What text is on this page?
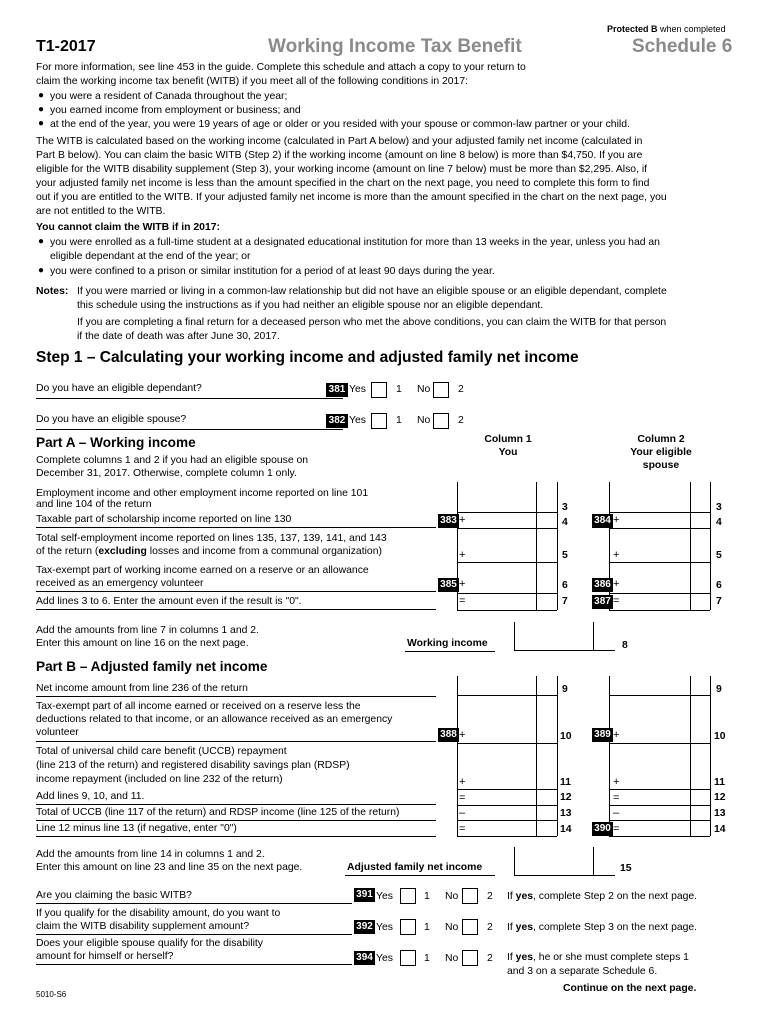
Protected B when completed
T1-2017	Working Income Tax Benefit	Schedule 6
For more information, see line 453 in the guide. Complete this schedule and attach a copy to your return to
claim the working income tax benefit (WITB) if you meet all of the following conditions in 2017:
● you were a resident of Canada throughout the year;
● you earned income from employment or business; and
● at the end of the year, you were 19 years of age or older or you resided with your spouse or common-law partner or your child.
The WITB is calculated based on the working income (calculated in Part A below) and your adjusted family net income (calculated in
Part B below). You can claim the basic WITB (Step 2) if the working income (amount on line 8 below) is more than $4,750. If you are
eligible for the WITB disability supplement (Step 3), your working income (amount on line 7 below) must be more than $2,295. Also, if
your adjusted family net income is less than the amount specified in the chart on the next page, you need to complete this form to find
out if you are entitled to the WITB. If your adjusted family net income is more than the amount specified in the chart on the next page, you
are not entitled to the WITB.
You cannot claim the WITB if in 2017:
● you were enrolled as a full-time student at a designated educational institution for more than 13 weeks in the year, unless you had an
eligible dependant at the end of the year; or
● you were confined to a prison or similar institution for a period of at least 90 days during the year.
Notes: If you were married or living in a common-law relationship but did not have an eligible spouse or an eligible dependant, complete
this schedule using the instructions as if you had neither an eligible spouse nor an eligible dependant.
If you are completing a final return for a deceased person who met the above conditions, you can claim the WITB for that person
if the date of death was after June 30, 2017.
Step 1 – Calculating your working income and adjusted family net income
Do you have an eligible dependant?	381 Yes	1 No	2
Do you have an eligible spouse?	382 Yes	1 No	2
Part A – Working income
Complete columns 1 and 2 if you had an eligible spouse on
December 31, 2017. Otherwise, complete column 1 only.
Column 1
You
Column 2
Your eligible
spouse
Employment income and other employment income reported on line 101
and line 104 of the return	3	3
Taxable part of scholarship income reported on line 130	383 +	4	384 +	4
Total self-employment income reported on lines 135, 137, 139, 141, and 143
of the return (excluding losses and income from a communal organization)	+	5	+	5
Tax-exempt part of working income earned on a reserve or an allowance
received as an emergency volunteer	385 +	6	386 +	6
Add lines 3 to 6. Enter the amount even if the result is "0".	=	7	387 =	7
Add the amounts from line 7 in columns 1 and 2.
Enter this amount on line 16 on the next page.	Working income	8
Part B – Adjusted family net income
Net income amount from line 236 of the return	9	9
Tax-exempt part of all income earned or received on a reserve less the
deductions related to that income, or an allowance received as an emergency
volunteer	388 +	10 389 +	10
Total of universal child care benefit (UCCB) repayment
(line 213 of the return) and registered disability savings plan (RDSP)
income repayment (included on line 232 of the return)	+	11	+	11
Add lines 9, 10, and 11.	=	12	=	12
Total of UCCB (line 117 of the return) and RDSP income (line 125 of the return)	–	13	–	13
Line 12 minus line 13 (if negative, enter "0")	=	14 390 =	14
Add the amounts from line 14 in columns 1 and 2.
Enter this amount on line 23 and line 35 on the next page.	Adjusted family net income	15
Are you claiming the basic WITB?	391 Yes	1 No	2 If yes, complete Step 2 on the next page.
If you qualify for the disability amount, do you want to
claim the WITB disability supplement amount?	392 Yes	1 No	2 If yes, complete Step 3 on the next page.
Does your eligible spouse qualify for the disability
amount for himself or herself?	394 Yes	1 No	2 If yes, he or she must complete steps 1
and 3 on a separate Schedule 6.
Continue on the next page.
5010-S6
